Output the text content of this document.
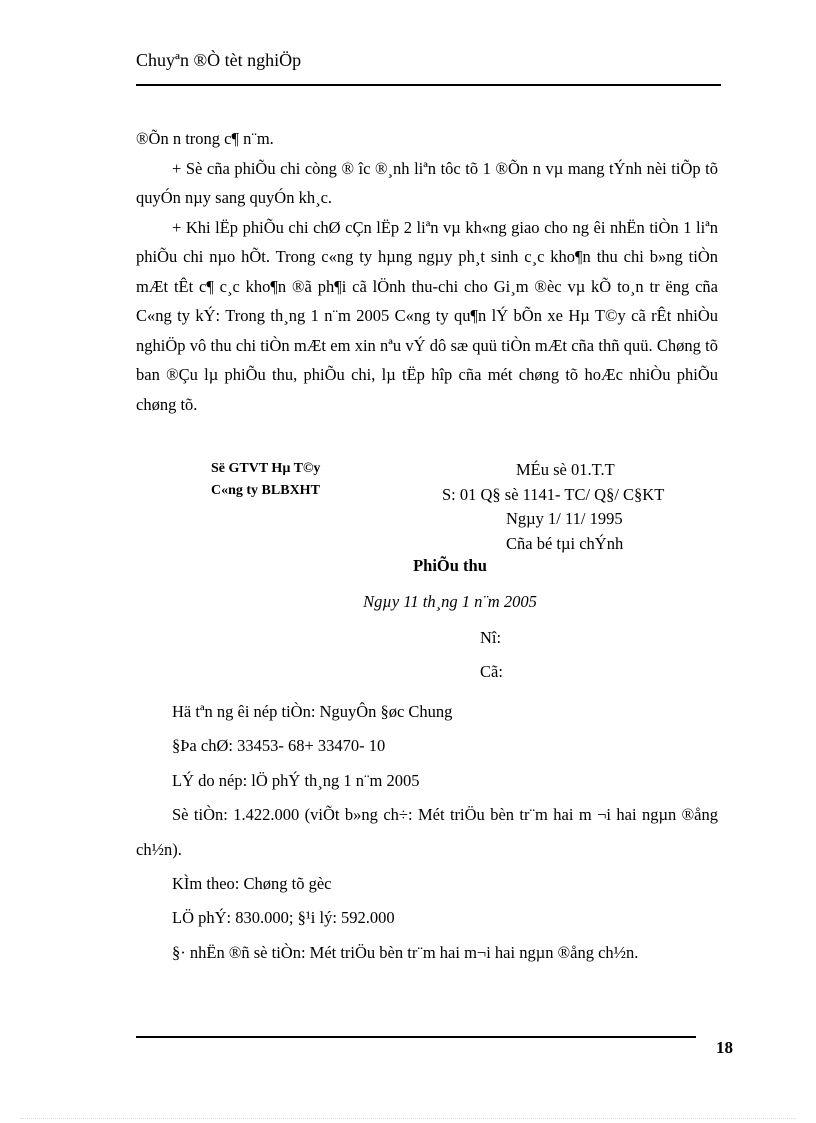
Chuyªn ®Ò tèt nghiÖp

®Õn n trong c¶ n¨m.

+ Sè cña phiÕu chi còng ® îc ®¸nh liªn tôc tõ 1 ®Õn n vµ mang tÝnh nèi tiÕp tõ quyÓn nµy sang quyÓn kh¸c.

+ Khi lËp phiÕu chi chØ cÇn lËp 2 liªn vµ kh«ng giao cho ng êi nhËn tiÒn 1 liªn phiÕu chi nµo hÕt. Trong c«ng ty hµng ngµy ph¸t sinh c¸c kho¶n thu chi b»ng tiÒn mÆt tÊt c¶ c¸c kho¶n ®ã ph¶i cã lÖnh thu-chi cho Gi¸m ®èc vµ kÕ to¸n tr ëng cña C«ng ty kÝ: Trong th¸ng 1 n¨m 2005 C«ng ty qu¶n lÝ bÕn xe Hµ T©y cã rÊt nhiÒu nghiÖp vô thu chi tiÒn mÆt em xin nªu vÝ dô sæ quü tiÒn mÆt cña thñ quü. Chøng tõ ban ®Çu lµ phiÕu thu, phiÕu chi, lµ tËp hîp cña mét chøng tõ hoÆc nhiÒu phiÕu chøng tõ.

Së GTVT Hµ T©y
C«ng ty BLBXHT
MÉu sè 01.T.T
S: 01 Q§ sè 1141- TC/ Q§/ C§KT
Ngµy 1/ 11/ 1995
Cña bé tµi chÝnh
PhiÕu thu
Ngµy 11 th¸ng 1 n¨m 2005
Nî:
Cã:

Hä tªn ng êi nép tiÒn: NguyÔn §øc Chung

§Þa chØ: 33453- 68+ 33470- 10

LÝ do nép: lÖ phÝ th¸ng 1 n¨m 2005

Sè tiÒn: 1.422.000 (viÕt b»ng ch÷: Mét triÖu bèn tr¨m hai m ¬i hai ngµn ®ång ch½n).

KÌm theo: Chøng tõ gèc

LÖ phÝ: 830.000; §¹i lý: 592.000

§· nhËn ®ñ sè tiÒn: Mét triÖu bèn tr¨m hai m¬i hai ngµn ®ång ch½n.

18
